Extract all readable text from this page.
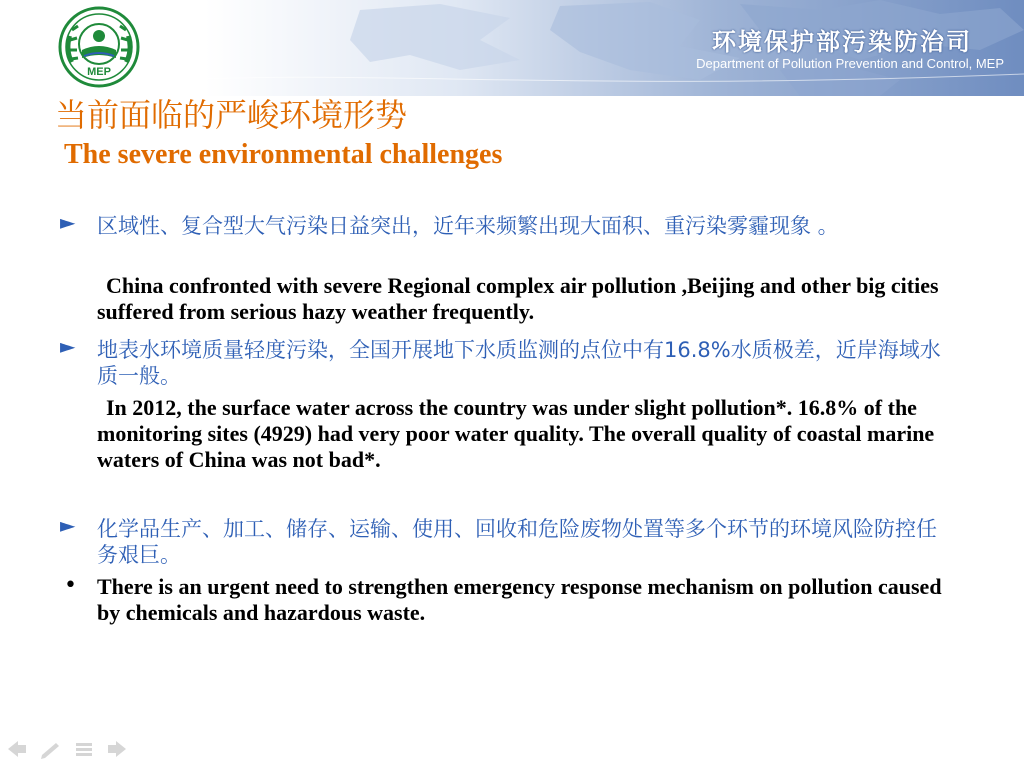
MEP
环境保护部污染防治司
Department of Pollution Prevention and Control, MEP
当前面临的严峻环境形势
The severe environmental challenges
► 区域性、复合型大气污染日益突出，近年来频繁出现大面积、重污染雾霾现象 。
China confronted with severe Regional complex air pollution ,Beijing and other big cities suffered from serious hazy weather frequently.
► 地表水环境质量轻度污染，全国开展地下水质监测的点位中有16.8%水质极差，近岸海域水质一般。
In 2012, the surface water across the country was under slight pollution*. 16.8% of the monitoring sites (4929) had very poor water quality. The overall quality of coastal marine waters of China was not bad*.
► 化学品生产、加工、储存、运输、使用、回收和危险废物处置等多个环节的环境风险防控任务艰巨。
• There is an urgent need to strengthen emergency response mechanism on pollution caused by chemicals and hazardous waste.
